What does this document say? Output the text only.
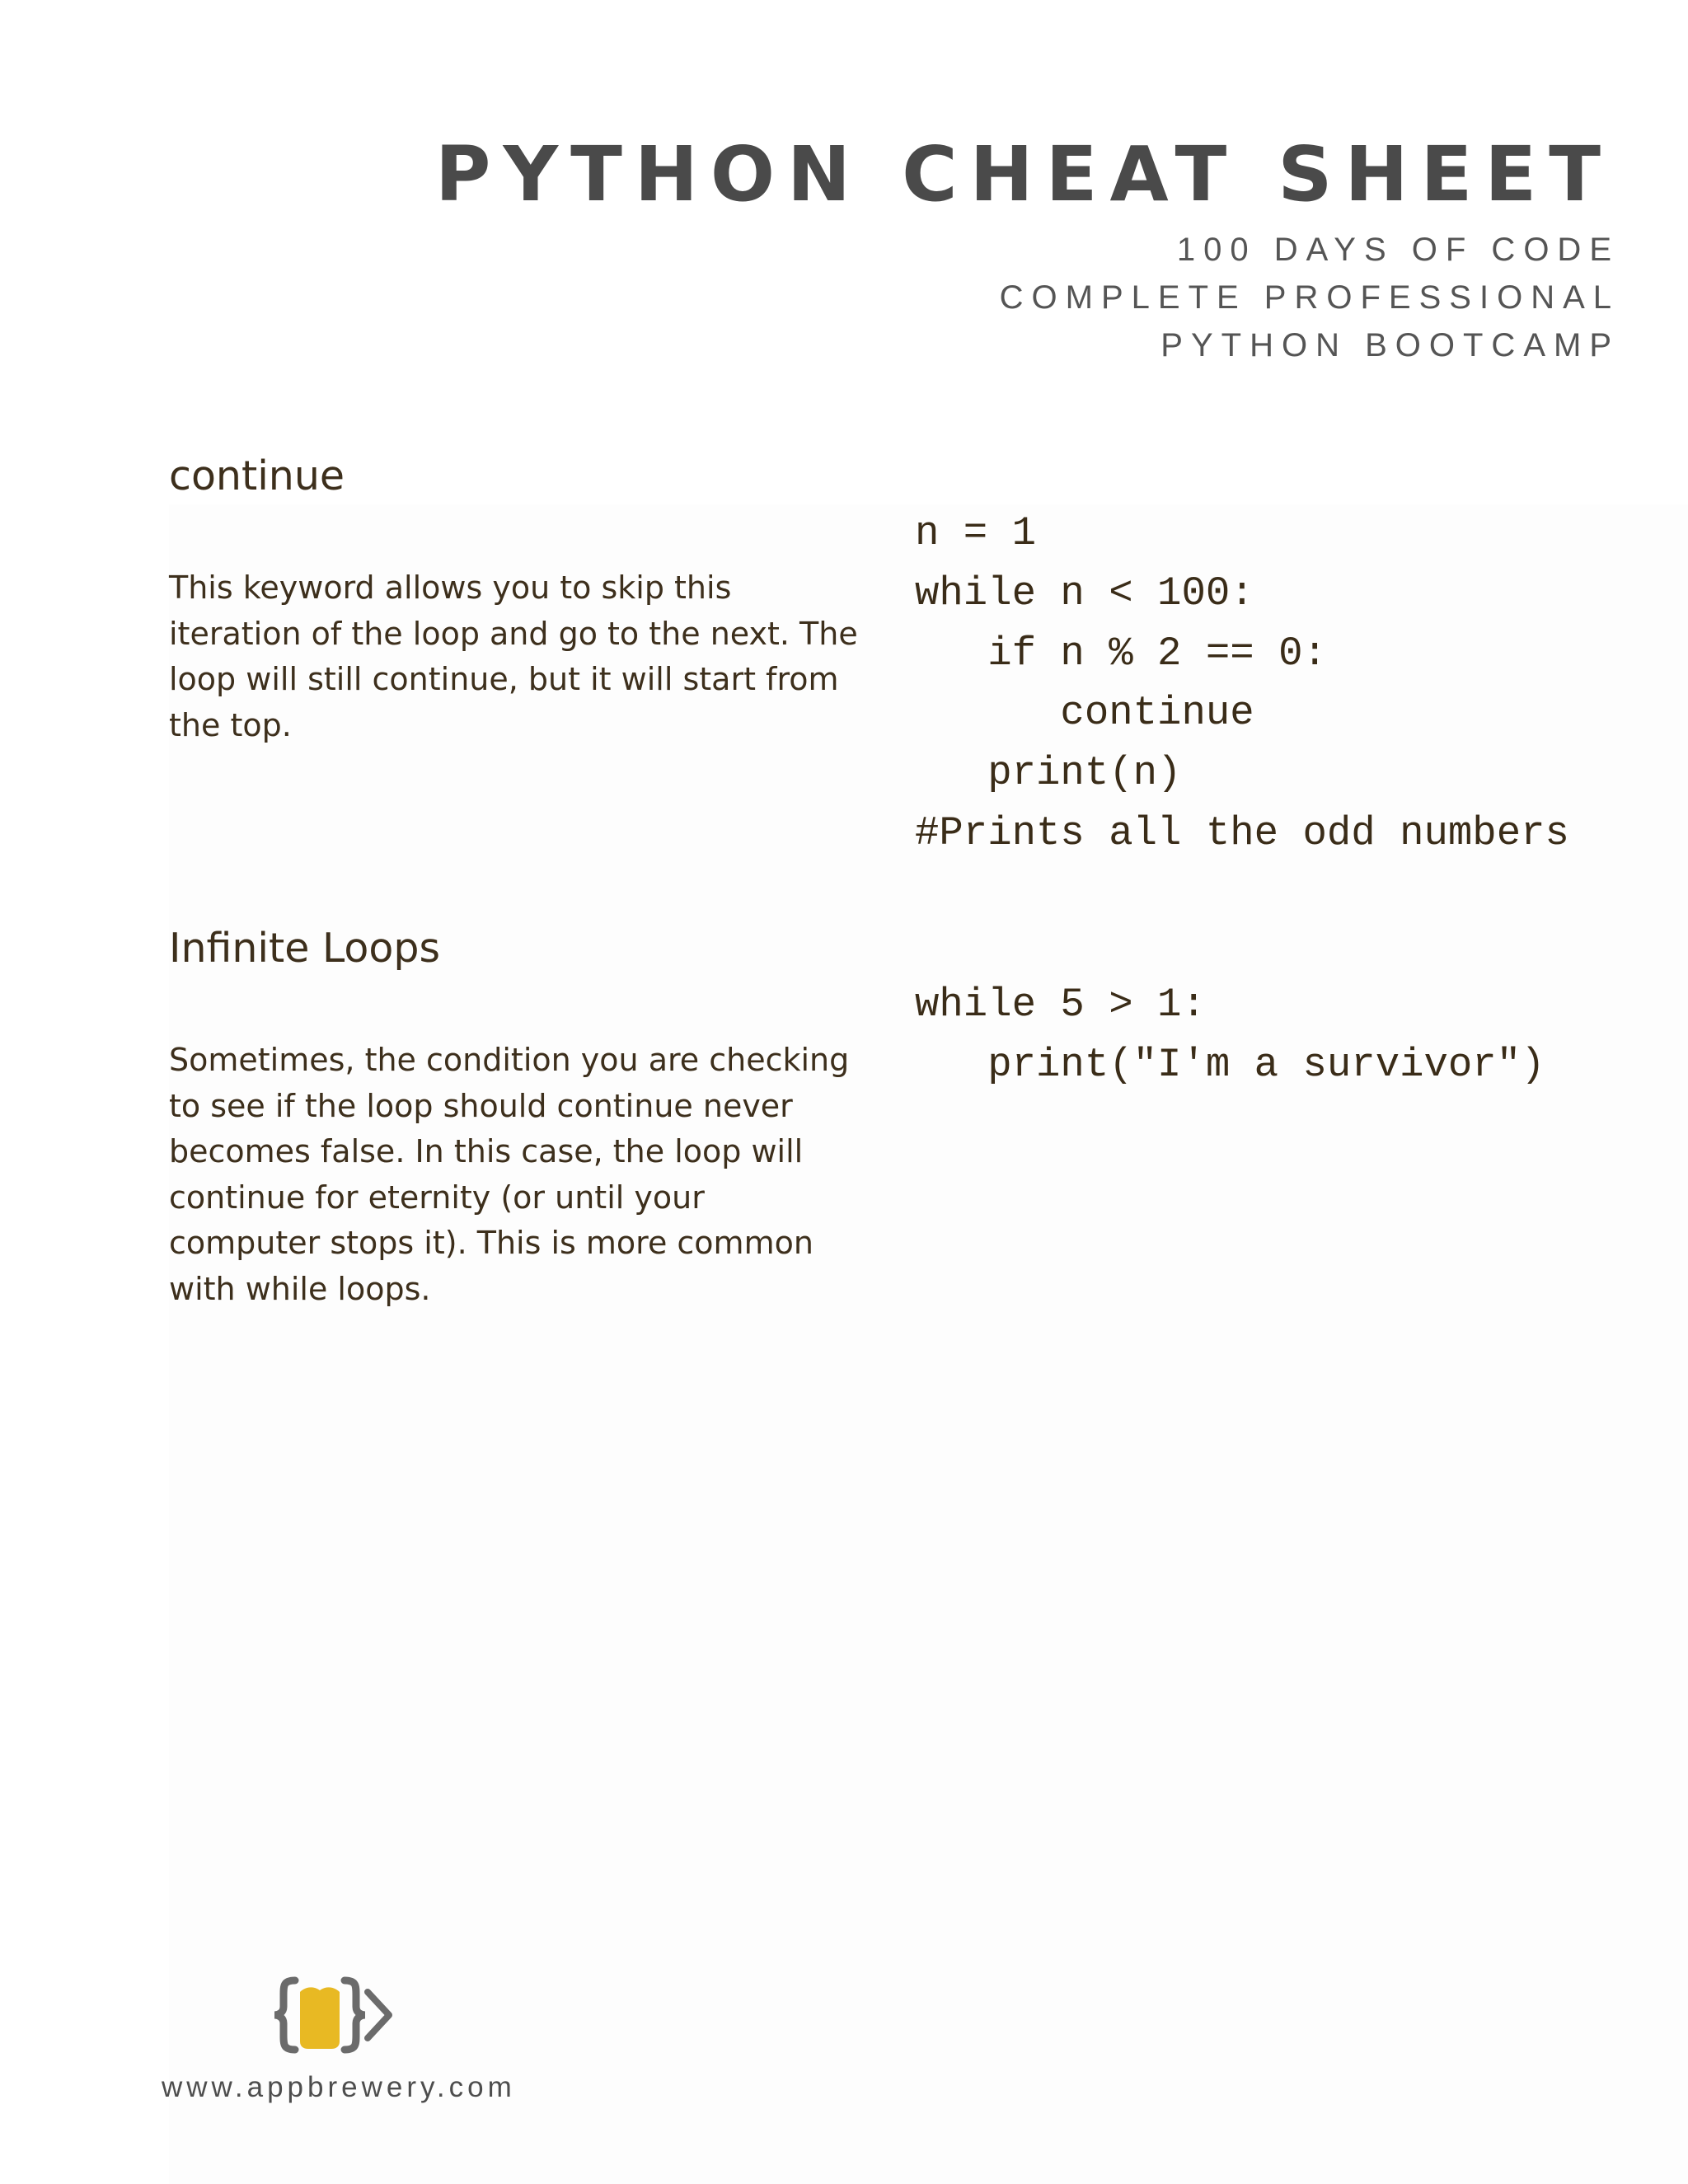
PYTHON CHEAT SHEET
100 DAYS OF CODE
COMPLETE PROFESSIONAL
PYTHON BOOTCAMP
continue

This keyword allows you to skip this iteration of the loop and go to the next. The loop will still continue, but it will start from the top.

n = 1
while n < 100:
if n % 2 == 0:
continue
print(n)
#Prints all the odd numbers
Infinite Loops

Sometimes, the condition you are checking to see if the loop should continue never becomes false. In this case, the loop will continue for eternity (or until your computer stops it). This is more common with while loops.

while 5 > 1:
print("I'm a survivor")
www.appbrewery.com
